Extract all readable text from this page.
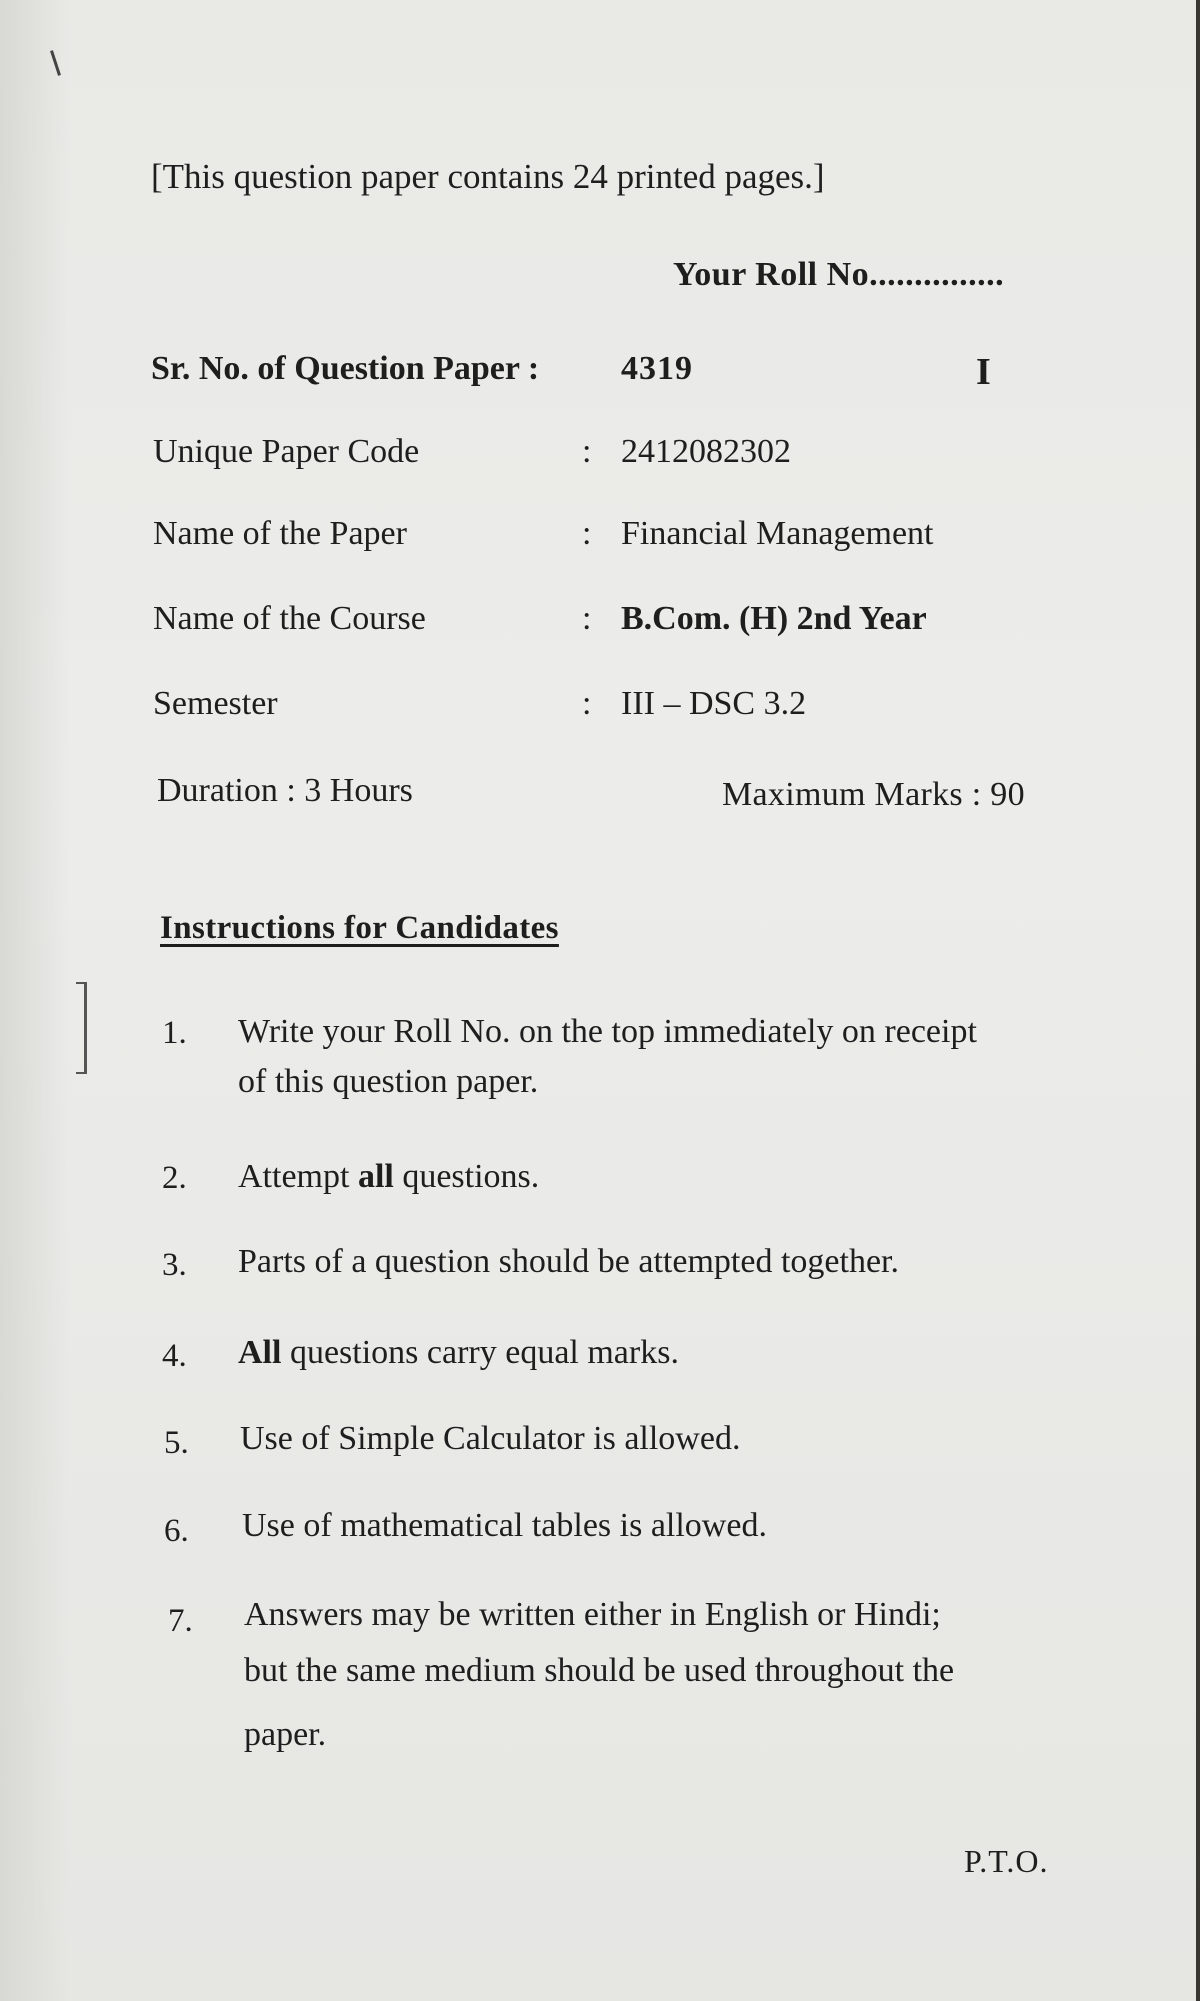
[This question paper contains 24 printed pages.]
Your Roll No...............
Sr. No. of Question Paper : 4319	I
Unique Paper Code	: 2412082302
Name of the Paper	: Financial Management
Name of the Course	: B.Com. (H) 2nd Year
Semester	: III – DSC 3.2
Duration : 3 Hours	Maximum Marks : 90
Instructions for Candidates
1. Write your Roll No. on the top immediately on receipt
of this question paper.
2. Attempt all questions.
3. Parts of a question should be attempted together.
4. All questions carry equal marks.
5. Use of Simple Calculator is allowed.
6. Use of mathematical tables is allowed.
7. Answers may be written either in English or Hindi;
but the same medium should be used throughout the
paper.
P.T.O.
